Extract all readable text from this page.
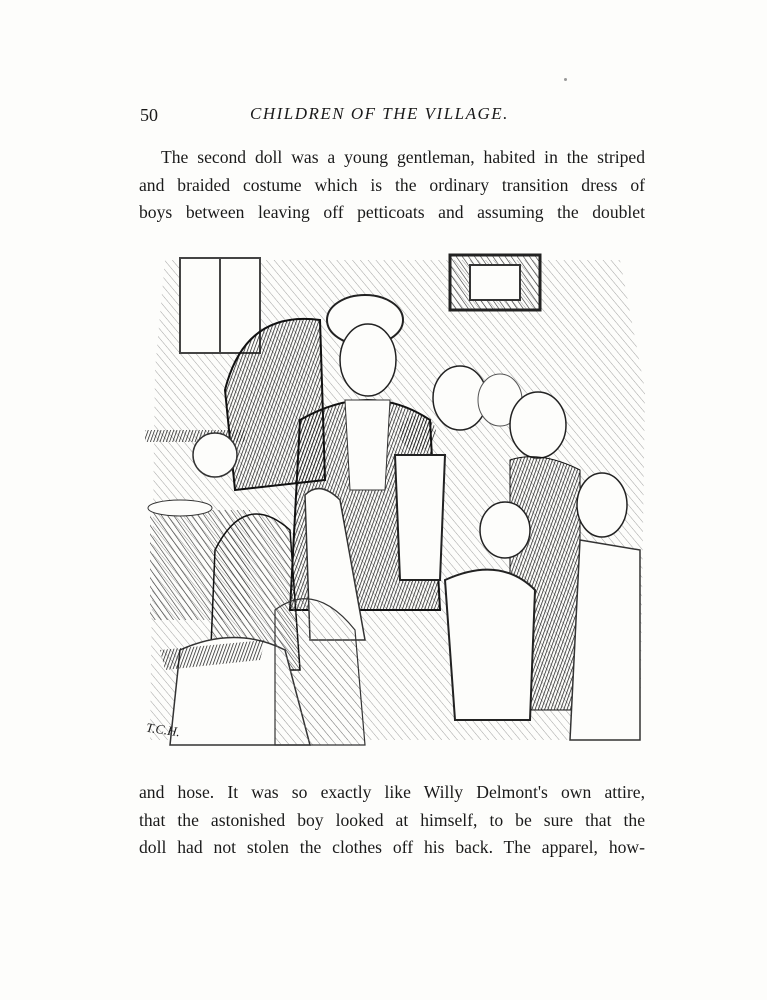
50	CHILDREN OF THE VILLAGE.
The second doll was a young gentleman, habited in the striped
and braided costume which is the ordinary transition dress of
boys between leaving off petticoats and assuming the doublet
T.C.H.
and hose. It was so exactly like Willy Delmont's own attire,
that the astonished boy looked at himself, to be sure that the
doll had not stolen the clothes off his back. The apparel, how-
